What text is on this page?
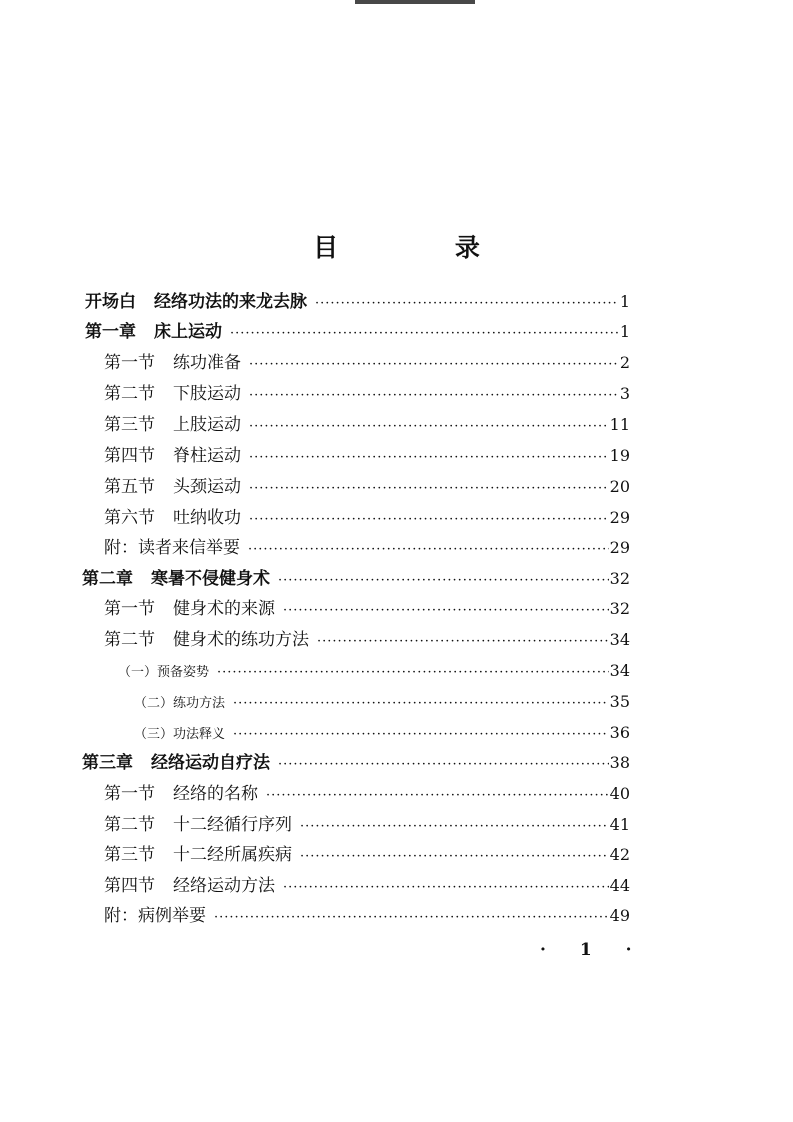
目 录
开场白 经络功法的来龙去脉 ·····	1
第一章 床上运动 ·····	1
第一节 练功准备 ·····	2
第二节 下肢运动 ·····	3
第三节 上肢运动 ·····	11
第四节 脊柱运动 ·····	19
第五节 头颈运动 ·····	20
第六节 吐纳收功 ·····	29
附：读者来信举要 ·····	29
第二章 寒暑不侵健身术 ·····	32
第一节 健身术的来源 ·····	32
第二节 健身术的练功方法 ·····	34
（一）预备姿势 ·····	34
（二）练功方法 ·····	35
（三）功法释义 ·····	36
第三章 经络运动自疗法 ·····	38
第一节 经络的名称 ·····	40
第二节 十二经循行序列 ·····	41
第三节 十二经所属疾病 ·····	42
第四节 经络运动方法 ·····	44
附：病例举要 ·····	49
· 1 ·
